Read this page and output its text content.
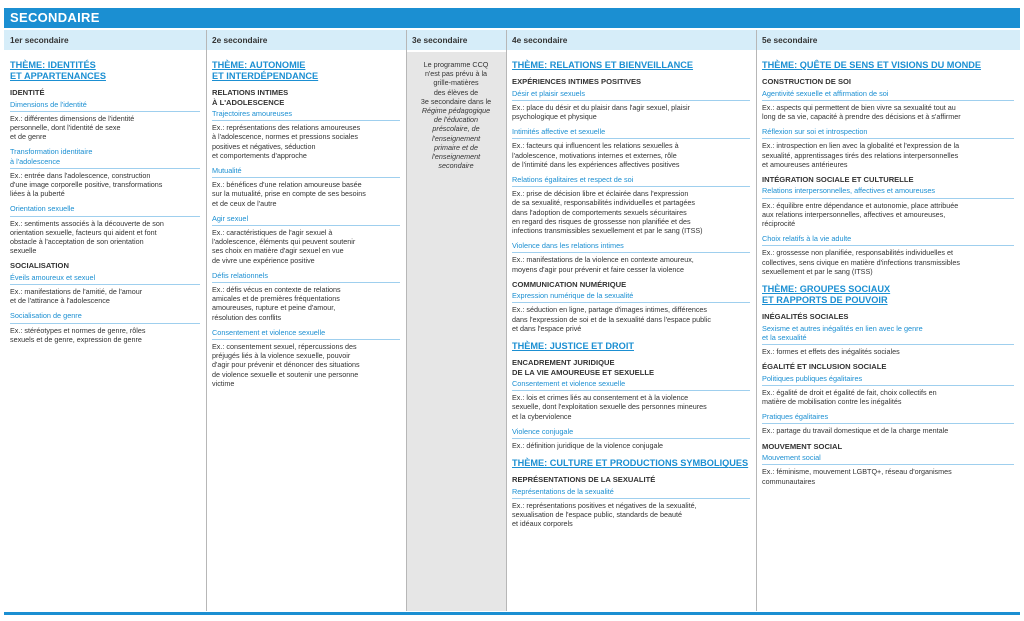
SECONDAIRE
1er secondaire	2e secondaire	3e secondaire	4e secondaire	5e secondaire
THÈME: IDENTITÉS
ET APPARTENANCES
IDENTITÉ
Dimensions de l'identité
Ex.: différentes dimensions de l'identité
personnelle, dont l'identité de sexe
et de genre
Transformation identitaire
à l'adolescence
Ex.: entrée dans l'adolescence, construction
d'une image corporelle positive, transformations
liées à la puberté
Orientation sexuelle
Ex.: sentiments associés à la découverte de son
orientation sexuelle, facteurs qui aident et font
obstacle à l'acceptation de son orientation
sexuelle
SOCIALISATION
Éveils amoureux et sexuel
Ex.: manifestations de l'amitié, de l'amour
et de l'attirance à l'adolescence
Socialisation de genre
Ex.: stéréotypes et normes de genre, rôles
sexuels et de genre, expression de genre
THÈME: AUTONOMIE
ET INTERDÉPENDANCE
RELATIONS INTIMES
À L'ADOLESCENCE
Trajectoires amoureuses
Ex.: représentations des relations amoureuses
à l'adolescence, normes et pressions sociales
positives et négatives, séduction
et comportements d'approche
Mutualité
Ex.: bénéfices d'une relation amoureuse basée
sur la mutualité, prise en compte de ses besoins
et de ceux de l'autre
Agir sexuel
Ex.: caractéristiques de l'agir sexuel à
l'adolescence, éléments qui peuvent soutenir
ses choix en matière d'agir sexuel en vue
de vivre une expérience positive
Défis relationnels
Ex.: défis vécus en contexte de relations
amicales et de premières fréquentations
amoureuses, rupture et peine d'amour,
résolution des conflits
Consentement et violence sexuelle
Ex.: consentement sexuel, répercussions des
préjugés liés à la violence sexuelle, pouvoir
d'agir pour prévenir et dénoncer des situations
de violence sexuelle et soutenir une personne
victime
Le programme CCQ
n'est pas prévu à la
grille-matières
des élèves de
3e secondaire dans le
Régime pédagogique
de l'éducation
préscolaire, de
l'enseignement
primaire et de
l'enseignement
secondaire
THÈME: RELATIONS ET BIENVEILLANCE
EXPÉRIENCES INTIMES POSITIVES
Désir et plaisir sexuels
Ex.: place du désir et du plaisir dans l'agir sexuel, plaisir
psychologique et physique
Intimités affective et sexuelle
Ex.: facteurs qui influencent les relations sexuelles à
l'adolescence, motivations internes et externes, rôle
de l'intimité dans les expériences affectives positives
Relations égalitaires et respect de soi
Ex.: prise de décision libre et éclairée dans l'expression
de sa sexualité, responsabilités individuelles et partagées
dans l'adoption de comportements sexuels sécuritaires
en regard des risques de grossesse non planifiée et des
infections transmissibles sexuellement et par le sang (ITSS)
Violence dans les relations intimes
Ex.: manifestations de la violence en contexte amoureux,
moyens d'agir pour prévenir et faire cesser la violence
COMMUNICATION NUMÉRIQUE
Expression numérique de la sexualité
Ex.: séduction en ligne, partage d'images intimes, différences
dans l'expression de soi et de la sexualité dans l'espace public
et dans l'espace privé
THÈME: JUSTICE ET DROIT
ENCADREMENT JURIDIQUE
DE LA VIE AMOUREUSE ET SEXUELLE
Consentement et violence sexuelle
Ex.: lois et crimes liés au consentement et à la violence
sexuelle, dont l'exploitation sexuelle des personnes mineures
et la cyberviolence
Violence conjugale
Ex.: définition juridique de la violence conjugale
THÈME: CULTURE ET PRODUCTIONS SYMBOLIQUES
REPRÉSENTATIONS DE LA SEXUALITÉ
Représentations de la sexualité
Ex.: représentations positives et négatives de la sexualité,
sexualisation de l'espace public, standards de beauté
et idéaux corporels
THÈME: QUÊTE DE SENS ET VISIONS DU MONDE
CONSTRUCTION DE SOI
Agentivité sexuelle et affirmation de soi
Ex.: aspects qui permettent de bien vivre sa sexualité tout au
long de sa vie, capacité à prendre des décisions et à s'affirmer
Réflexion sur soi et introspection
Ex.: introspection en lien avec la globalité et l'expression de la
sexualité, apprentissages tirés des relations interpersonnelles
et amoureuses antérieures
INTÉGRATION SOCIALE ET CULTURELLE
Relations interpersonnelles, affectives et amoureuses
Ex.: équilibre entre dépendance et autonomie, place attribuée
aux relations interpersonnelles, affectives et amoureuses,
réciprocité
Choix relatifs à la vie adulte
Ex.: grossesse non planifiée, responsabilités individuelles et
collectives, sens civique en matière d'infections transmissibles
sexuellement et par le sang (ITSS)
THÈME: GROUPES SOCIAUX
ET RAPPORTS DE POUVOIR
INÉGALITÉS SOCIALES
Sexisme et autres inégalités en lien avec le genre
et la sexualité
Ex.: formes et effets des inégalités sociales
ÉGALITÉ ET INCLUSION SOCIALE
Politiques publiques égalitaires
Ex.: égalité de droit et égalité de fait, choix collectifs en
matière de mobilisation contre les inégalités
Pratiques égalitaires
Ex.: partage du travail domestique et de la charge mentale
MOUVEMENT SOCIAL
Mouvement social
Ex.: féminisme, mouvement LGBTQ+, réseau d'organismes
communautaires
